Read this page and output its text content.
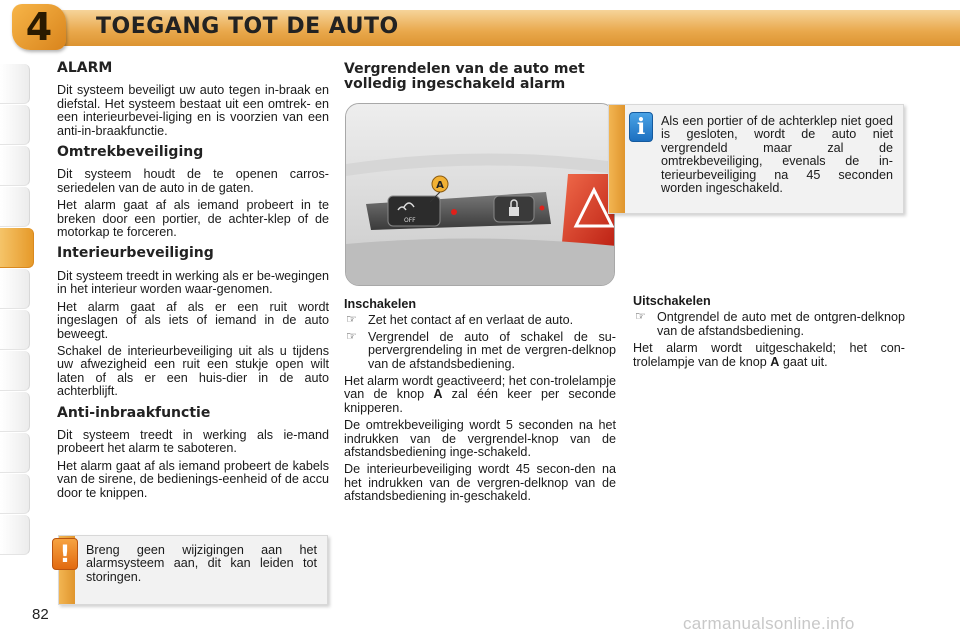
4 TOEGANG TOT DE AUTO
ALARM

Dit systeem beveiligt uw auto tegen in-braak en diefstal. Het systeem bestaat uit een omtrek- en een interieurbevei-liging en is voorzien van een anti-in-braakfunctie.

Omtrekbeveiliging

Dit systeem houdt de te openen carros-seriedelen van de auto in de gaten.

Het alarm gaat af als iemand probeert in te breken door een portier, de achter-klep of de motorkap te forceren.

Interieurbeveiliging

Dit systeem treedt in werking als er be-wegingen in het interieur worden waar-genomen.

Het alarm gaat af als er een ruit wordt ingeslagen of als iets of iemand in de auto beweegt.

Schakel de interieurbeveiliging uit als u tijdens uw afwezigheid een ruit een stukje open wilt laten of als er een huis-dier in de auto achterblijft.

Anti-inbraakfunctie

Dit systeem treedt in werking als ie-mand probeert het alarm te saboteren.

Het alarm gaat af als iemand probeert de kabels van de sirene, de bedienings-eenheid of de accu door te knippen.

Breng geen wijzigingen aan het alarmsysteem aan, dit kan leiden tot storingen.
!
Vergrendelen van de auto met volledig ingeschakeld alarm
OFF
A
Inschakelen
☞ Zet het contact af en verlaat de auto.
☞ Vergrendel de auto of schakel de su-pervergrendeling in met de vergren-delknop van de afstandsbediening.

Het alarm wordt geactiveerd; het con-trolelampje van de knop A zal één keer per seconde knipperen.

De omtrekbeveiliging wordt 5 seconden na het indrukken van de vergrendel-knop van de afstandsbediening inge-schakeld.

De interieurbeveiliging wordt 45 secon-den na het indrukken van de vergren-delknop van de afstandsbediening in-geschakeld.

Als een portier of de achterklep niet goed is gesloten, wordt de auto niet vergrendeld maar zal de omtrekbeveiliging, evenals de in-terieurbeveiliging na 45 seconden worden ingeschakeld.
i
Uitschakelen
☞ Ontgrendel de auto met de ontgren-delknop van de afstandsbediening.

Het alarm wordt uitgeschakeld; het con-trolelampje van de knop A gaat uit.

82	carmanualsonline.info
